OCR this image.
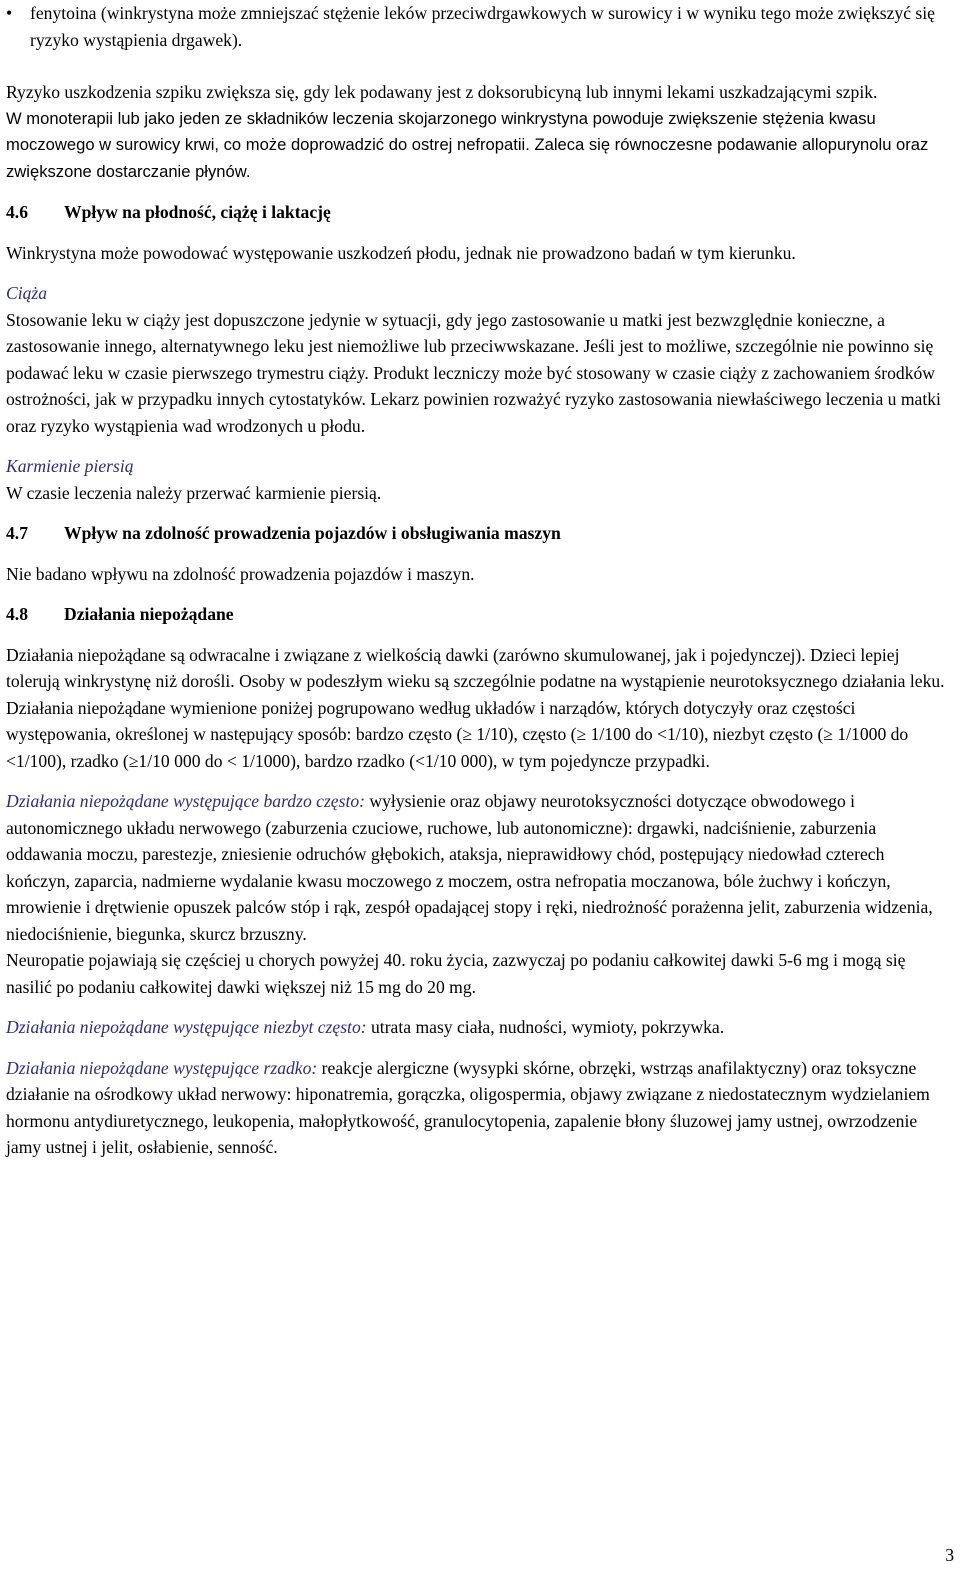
• fenytoina (winkrystyna może zmniejszać stężenie leków przeciwdrgawkowych w surowicy i w wyniku tego może zwiększyć się ryzyko wystąpienia drgawek).

Ryzyko uszkodzenia szpiku zwiększa się, gdy lek podawany jest z doksorubicyną lub innymi lekami uszkadzającymi szpik.

W monoterapii lub jako jeden ze składników leczenia skojarzonego winkrystyna powoduje zwiększenie stężenia kwasu moczowego w surowicy krwi, co może doprowadzić do ostrej nefropatii. Zaleca się równoczesne podawanie allopurynolu oraz zwiększone dostarczanie płynów.

4.6 Wpływ na płodność, ciążę i laktację

Winkrystyna może powodować występowanie uszkodzeń płodu, jednak nie prowadzono badań w tym kierunku.

Ciąża

Stosowanie leku w ciąży jest dopuszczone jedynie w sytuacji, gdy jego zastosowanie u matki jest bezwzględnie konieczne, a zastosowanie innego, alternatywnego leku jest niemożliwe lub przeciwwskazane. Jeśli jest to możliwe, szczególnie nie powinno się podawać leku w czasie pierwszego trymestru ciąży. Produkt leczniczy może być stosowany w czasie ciąży z zachowaniem środków ostrożności, jak w przypadku innych cytostatyków. Lekarz powinien rozważyć ryzyko zastosowania niewłaściwego leczenia u matki oraz ryzyko wystąpienia wad wrodzonych u płodu.

Karmienie piersią

W czasie leczenia należy przerwać karmienie piersią.

4.7 Wpływ na zdolność prowadzenia pojazdów i obsługiwania maszyn

Nie badano wpływu na zdolność prowadzenia pojazdów i maszyn.

4.8 Działania niepożądane

Działania niepożądane są odwracalne i związane z wielkością dawki (zarówno skumulowanej, jak i pojedynczej). Dzieci lepiej tolerują winkrystynę niż dorośli. Osoby w podeszłym wieku są szczególnie podatne na wystąpienie neurotoksycznego działania leku.

Działania niepożądane wymienione poniżej pogrupowano według układów i narządów, których dotyczyły oraz częstości występowania, określonej w następujący sposób: bardzo często (≥ 1/10), często (≥ 1/100 do <1/10), niezbyt często (≥ 1/1000 do <1/100), rzadko (≥1/10 000 do < 1/1000), bardzo rzadko (<1/10 000), w tym pojedyncze przypadki.

Działania niepożądane występujące bardzo często: wyłysienie oraz objawy neurotoksyczności dotyczące obwodowego i autonomicznego układu nerwowego (zaburzenia czuciowe, ruchowe, lub autonomiczne): drgawki, nadciśnienie, zaburzenia oddawania moczu, parestezje, zniesienie odruchów głębokich, ataksja, nieprawidłowy chód, postępujący niedowład czterech kończyn, zaparcia, nadmierne wydalanie kwasu moczowego z moczem, ostra nefropatia moczanowa, bóle żuchwy i kończyn, mrowienie i drętwienie opuszek palców stóp i rąk, zespół opadającej stopy i ręki, niedrożność porażenna jelit, zaburzenia widzenia, niedociśnienie, biegunka, skurcz brzuszny.

Neuropatie pojawiają się częściej u chorych powyżej 40. roku życia, zazwyczaj po podaniu całkowitej dawki 5-6 mg i mogą się nasilić po podaniu całkowitej dawki większej niż 15 mg do 20 mg.

Działania niepożądane występujące niezbyt często: utrata masy ciała, nudności, wymioty, pokrzywka.

Działania niepożądane występujące rzadko: reakcje alergiczne (wysypki skórne, obrzęki, wstrząs anafilaktyczny) oraz toksyczne działanie na ośrodkowy układ nerwowy: hiponatremia, gorączka, oligospermia, objawy związane z niedostatecznym wydzielaniem hormonu antydiuretycznego, leukopenia, małopłytkowość, granulocytopenia, zapalenie błony śluzowej jamy ustnej, owrzodzenie jamy ustnej i jelit, osłabienie, senność.

3
